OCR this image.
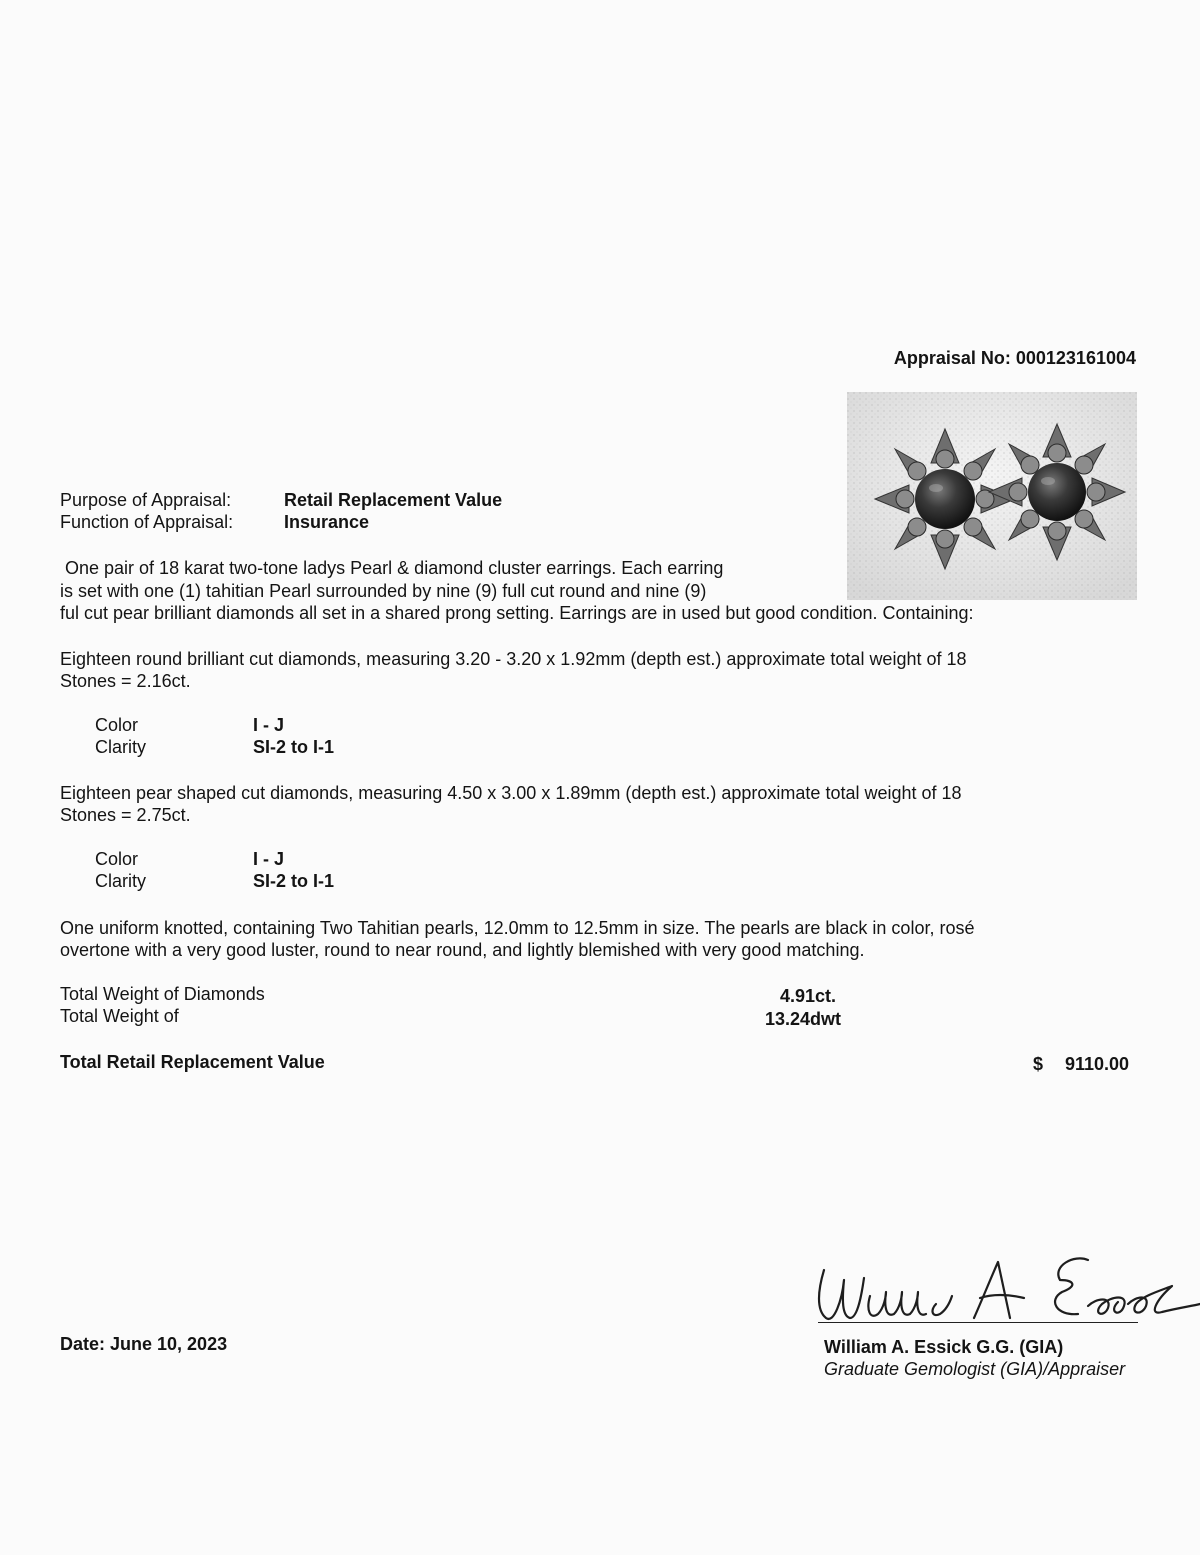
Appraisal No: 000123161004
Purpose of Appraisal:	Retail Replacement Value
Function of Appraisal:	Insurance
One pair of 18 karat two-tone ladys Pearl & diamond cluster earrings. Each earring
is set with one (1) tahitian Pearl surrounded by nine (9) full cut round and nine (9)
ful cut pear brilliant diamonds all set in a shared prong setting. Earrings are in used but good condition. Containing:
Eighteen round brilliant cut diamonds, measuring 3.20 - 3.20 x 1.92mm (depth est.) approximate total weight of 18
Stones = 2.16ct.
Color	I - J
Clarity	SI-2 to I-1
Eighteen pear shaped cut diamonds, measuring 4.50 x 3.00 x 1.89mm (depth est.) approximate total weight of 18
Stones = 2.75ct.
Color	I - J
Clarity	SI-2 to I-1
One uniform knotted, containing Two Tahitian pearls, 12.0mm to 12.5mm in size. The pearls are black in color, rosé
overtone with a very good luster, round to near round, and lightly blemished with very good matching.
Total Weight of Diamonds	4.91ct.
Total Weight of	13.24dwt
Total Retail Replacement Value	$ 9110.00
Date: June 10, 2023	William A. Essick G.G. (GIA)
Graduate Gemologist (GIA)/Appraiser
